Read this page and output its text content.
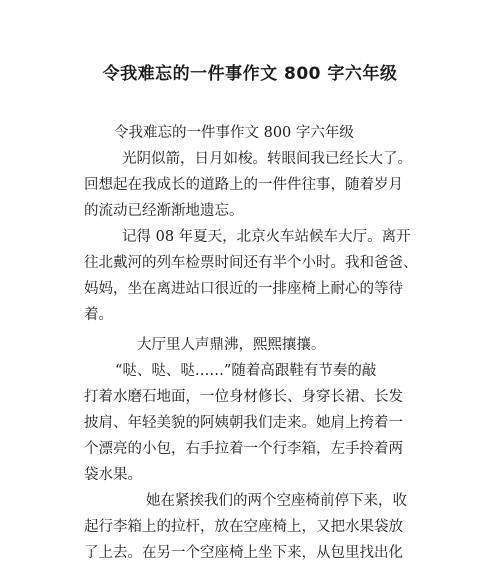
令我难忘的一件事作文 800 字六年级
令我难忘的一件事作文 800 字六年级
光阴似箭，日月如梭。转眼间我已经长大了。
回想起在我成长的道路上的一件件往事，随着岁月
的流动已经渐渐地遗忘。
记得 08 年夏天，北京火车站候车大厅。离开
往北戴河的列车检票时间还有半个小时。我和爸爸、
妈妈，坐在离进站口很近的一排座椅上耐心的等待
着。
大厅里人声鼎沸，熙熙攘攘。
“哒、哒、哒……”随着高跟鞋有节奏的敲
打着水磨石地面，一位身材修长、身穿长裙、长发
披肩、年轻美貌的阿姨朝我们走来。她肩上挎着一
个漂亮的小包，右手拉着一个行李箱，左手拎着两
袋水果。
她在紧挨我们的两个空座椅前停下来，收
起行李箱上的拉杆，放在空座椅上，又把水果袋放
了上去。在另一个空座椅上坐下来，从包里找出化
